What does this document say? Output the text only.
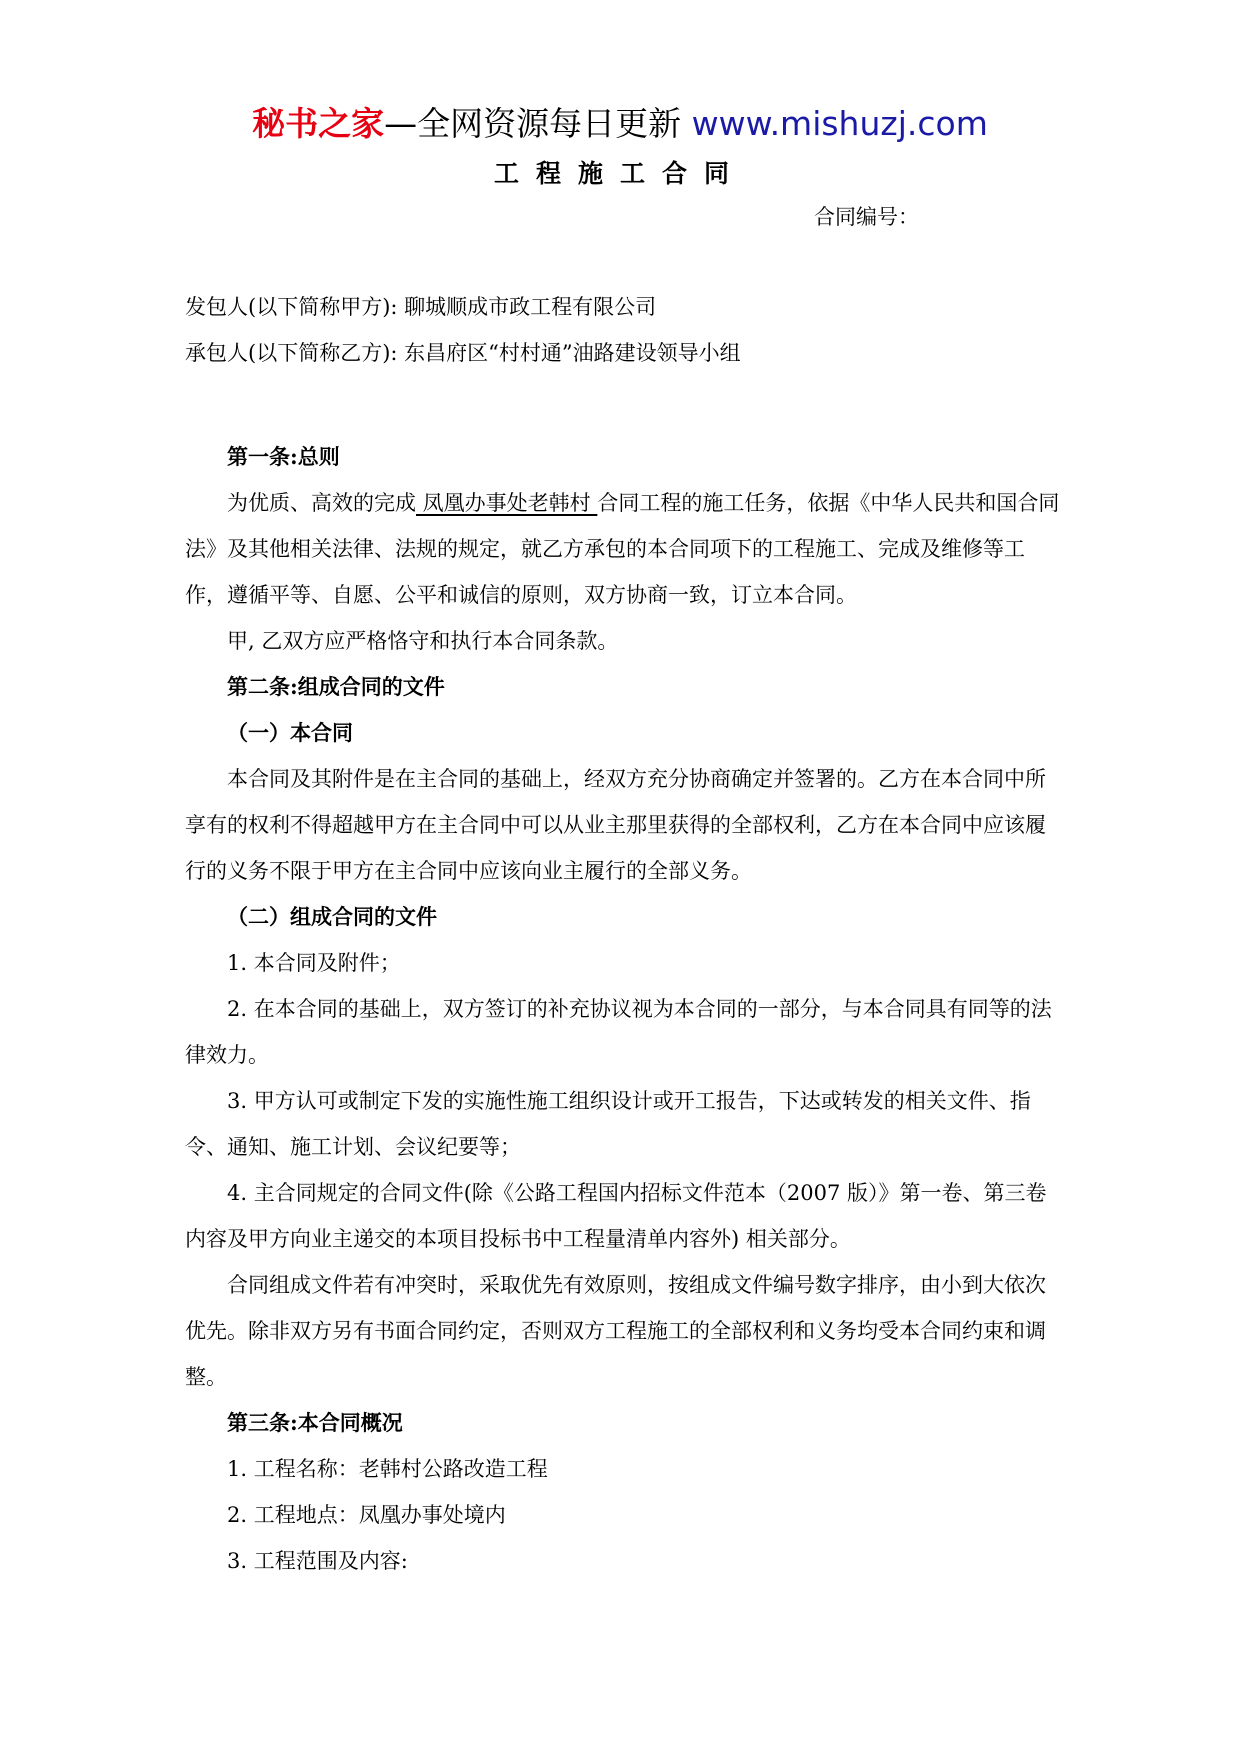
秘书之家—全网资源每日更新 www.mishuzj.com
工程施工合同
合同编号：

发包人(以下简称甲方): 聊城顺成市政工程有限公司

承包人(以下简称乙方): 东昌府区“村村通”油路建设领导小组

第一条:总则

为优质、高效的完成 凤凰办事处老韩村 合同工程的施工任务，依据《中华人民共和国合同法》及其他相关法律、法规的规定，就乙方承包的本合同项下的工程施工、完成及维修等工作，遵循平等、自愿、公平和诚信的原则，双方协商一致，订立本合同。

甲, 乙双方应严格恪守和执行本合同条款。

第二条:组成合同的文件

（一）本合同

本合同及其附件是在主合同的基础上，经双方充分协商确定并签署的。乙方在本合同中所享有的权利不得超越甲方在主合同中可以从业主那里获得的全部权利，乙方在本合同中应该履行的义务不限于甲方在主合同中应该向业主履行的全部义务。

（二）组成合同的文件

1. 本合同及附件；

2. 在本合同的基础上，双方签订的补充协议视为本合同的一部分，与本合同具有同等的法律效力。

3. 甲方认可或制定下发的实施性施工组织设计或开工报告，下达或转发的相关文件、指令、通知、施工计划、会议纪要等；

4. 主合同规定的合同文件(除《公路工程国内招标文件范本（2007 版）》第一卷、第三卷内容及甲方向业主递交的本项目投标书中工程量清单内容外) 相关部分。

合同组成文件若有冲突时，采取优先有效原则，按组成文件编号数字排序，由小到大依次优先。除非双方另有书面合同约定，否则双方工程施工的全部权利和义务均受本合同约束和调整。

第三条:本合同概况

1. 工程名称：老韩村公路改造工程

2. 工程地点：凤凰办事处境内

3. 工程范围及内容:
